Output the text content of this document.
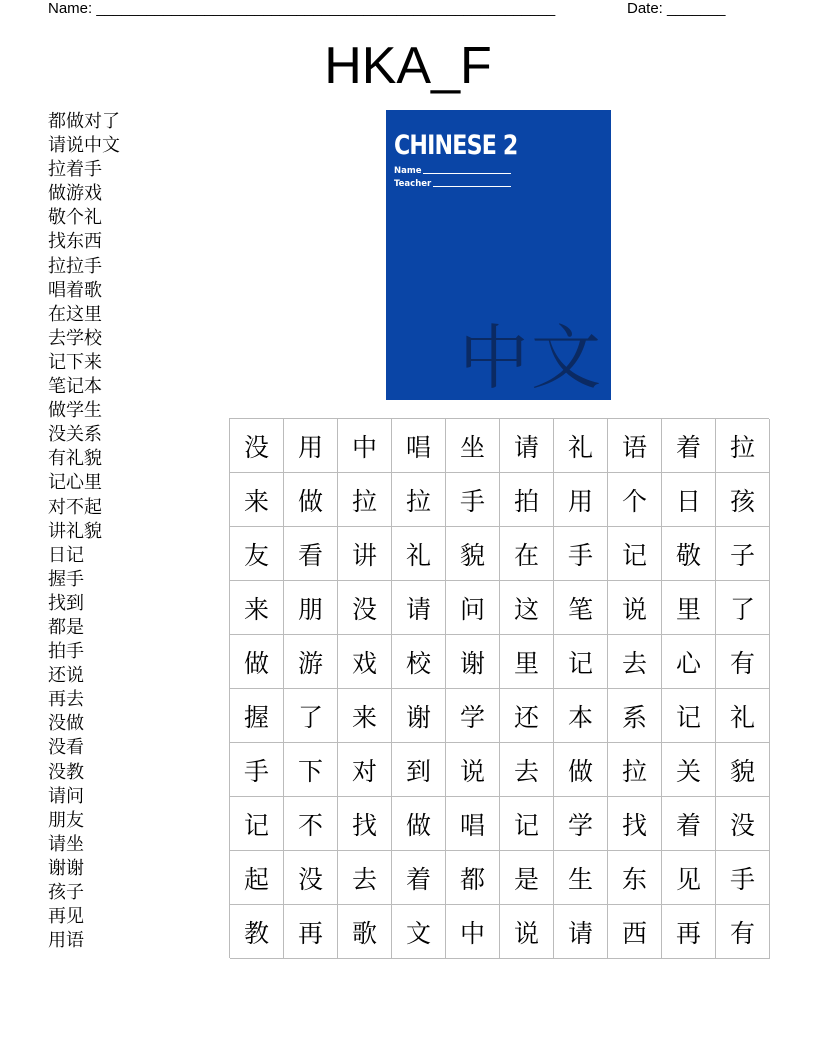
Name: _______________________________________________________	Date: _______
HKA_F
都做对了
请说中文
拉着手
做游戏
敬个礼
找东西
拉拉手
唱着歌
在这里
去学校
记下来
笔记本
做学生
没关系
有礼貌
记心里
对不起
讲礼貌
日记
握手
找到
都是
拍手
还说
再去
没做
没看
没教
请问
朋友
请坐
谢谢
孩子
再见
用语
CHINESE 2
Name
Teacher
中文
没	用	中	唱	坐	请	礼	语	着	拉
来	做	拉	拉	手	拍	用	个	日	孩
友	看	讲	礼	貌	在	手	记	敬	子
来	朋	没	请	问	这	笔	说	里	了
做	游	戏	校	谢	里	记	去	心	有
握	了	来	谢	学	还	本	系	记	礼
手	下	对	到	说	去	做	拉	关	貌
记	不	找	做	唱	记	学	找	着	没
起	没	去	着	都	是	生	东	见	手
教	再	歌	文	中	说	请	西	再	有
